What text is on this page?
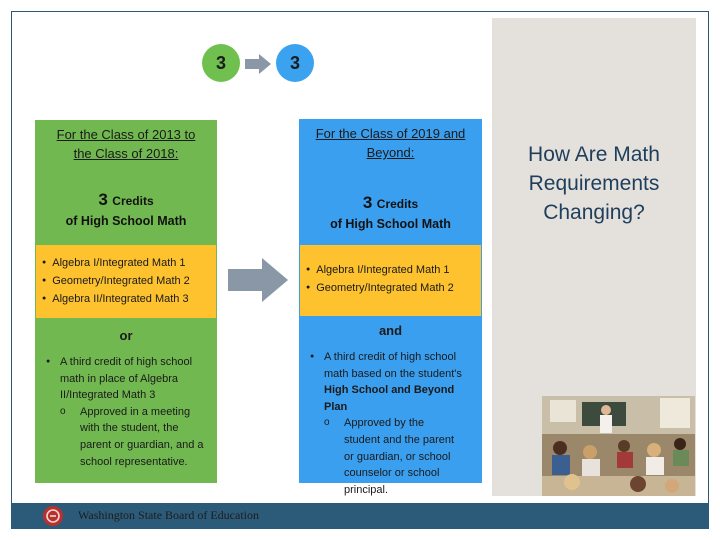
How Are Math
Requirements
Changing?
3	3
For the Class of 2013 to
the Class of 2018:
3 Credits
of High School Math
● Algebra I/Integrated Math 1
● Geometry/Integrated Math 2
● Algebra II/Integrated Math 3
or
● A third credit of high school
math in place of Algebra
II/Integrated Math 3
o Approved in a meeting
with the student, the
parent or guardian, and a
school representative.
For the Class of 2019 and
Beyond:
3 Credits
of High School Math
● Algebra I/Integrated Math 1
● Geometry/Integrated Math 2
and
● A third credit of high school
math based on the student's
High School and Beyond Plan
o Approved by the
student and the parent
or guardian, or school
counselor or school
principal.
Washington State Board of Education
